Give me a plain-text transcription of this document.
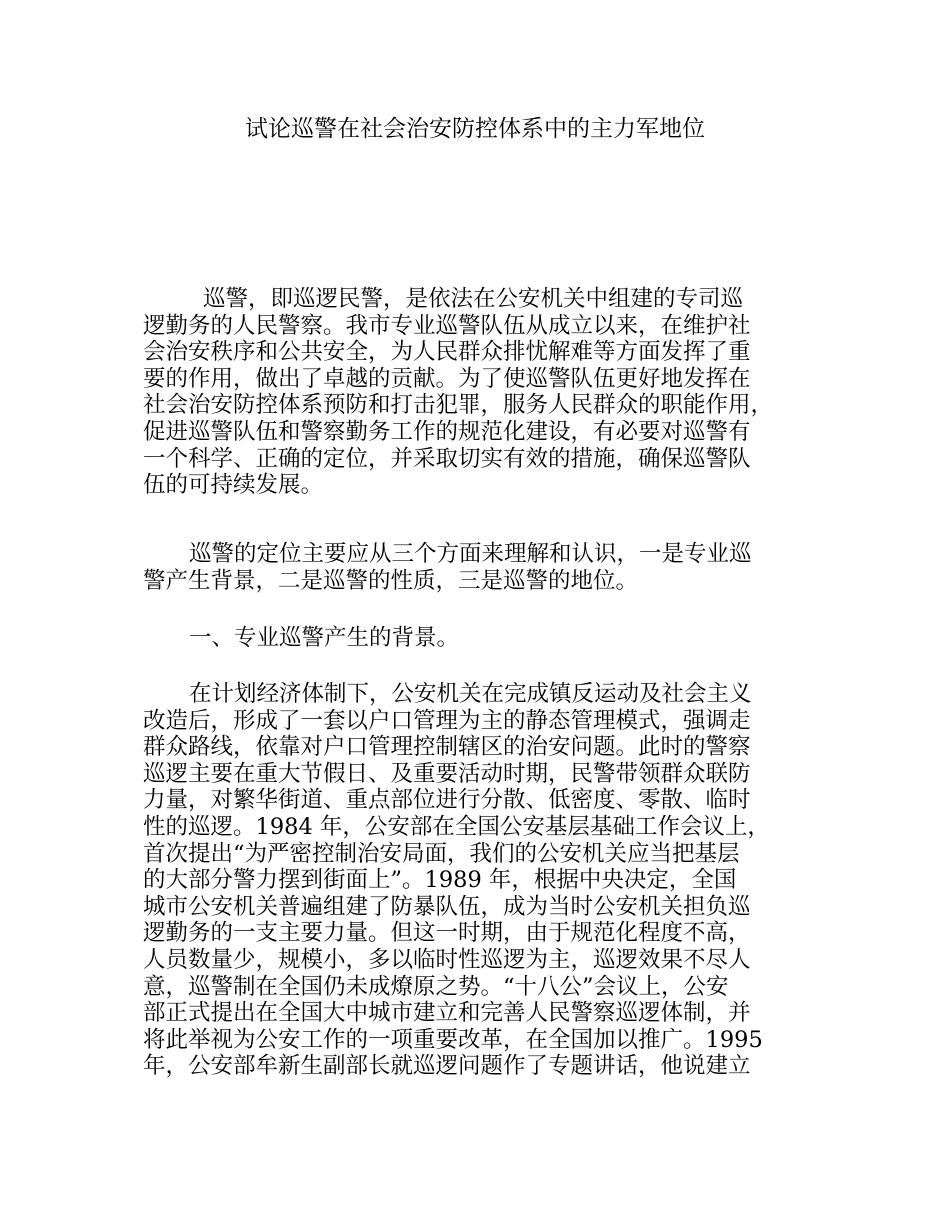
试论巡警在社会治安防控体系中的主力军地位
巡警，即巡逻民警，是依法在公安机关中组建的专司巡
逻勤务的人民警察。我市专业巡警队伍从成立以来，在维护社
会治安秩序和公共安全，为人民群众排忧解难等方面发挥了重
要的作用，做出了卓越的贡献。为了使巡警队伍更好地发挥在
社会治安防控体系预防和打击犯罪，服务人民群众的职能作用，
促进巡警队伍和警察勤务工作的规范化建设，有必要对巡警有
一个科学、正确的定位，并采取切实有效的措施，确保巡警队
伍的可持续发展。
巡警的定位主要应从三个方面来理解和认识，一是专业巡
警产生背景，二是巡警的性质，三是巡警的地位。
一、专业巡警产生的背景。
在计划经济体制下，公安机关在完成镇反运动及社会主义
改造后，形成了一套以户口管理为主的静态管理模式，强调走
群众路线，依靠对户口管理控制辖区的治安问题。此时的警察
巡逻主要在重大节假日、及重要活动时期，民警带领群众联防
力量，对繁华街道、重点部位进行分散、低密度、零散、临时
性的巡逻。1984 年，公安部在全国公安基层基础工作会议上，
首次提出“为严密控制治安局面，我们的公安机关应当把基层
的大部分警力摆到街面上”。1989 年，根据中央决定，全国
城市公安机关普遍组建了防暴队伍，成为当时公安机关担负巡
逻勤务的一支主要力量。但这一时期，由于规范化程度不高，
人员数量少，规模小，多以临时性巡逻为主，巡逻效果不尽人
意，巡警制在全国仍未成燎原之势。“十八公”会议上，公安
部正式提出在全国大中城市建立和完善人民警察巡逻体制，并
将此举视为公安工作的一项重要改革，在全国加以推广。1995
年，公安部牟新生副部长就巡逻问题作了专题讲话，他说建立
